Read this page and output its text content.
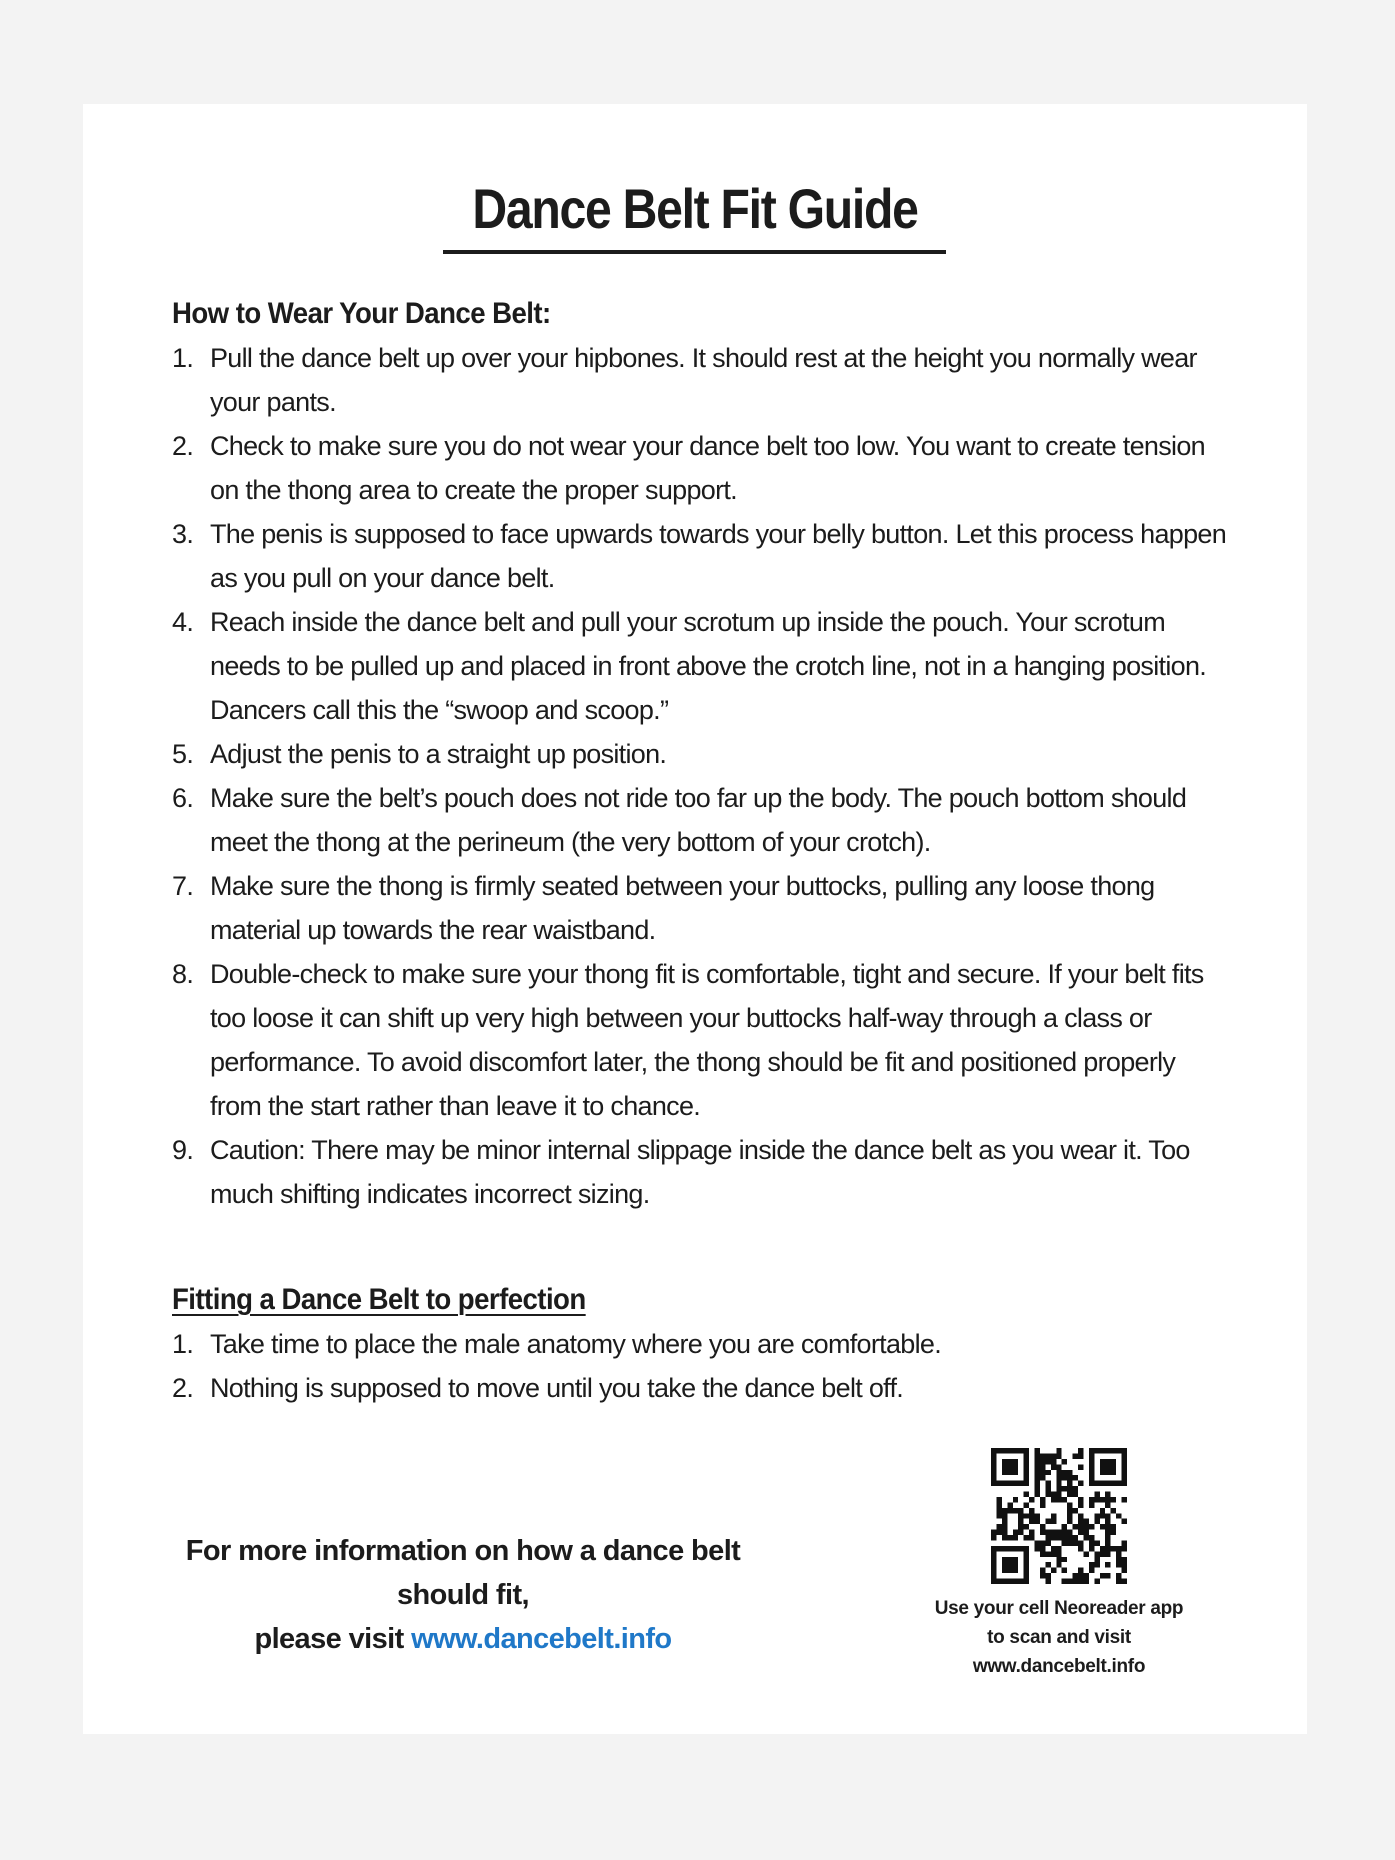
Dance Belt Fit Guide
How to Wear Your Dance Belt:
1. Pull the dance belt up over your hipbones. It should rest at the height you normally wear your pants.
2. Check to make sure you do not wear your dance belt too low. You want to create tension on the thong area to create the proper support.
3. The penis is supposed to face upwards towards your belly button. Let this process happen as you pull on your dance belt.
4. Reach inside the dance belt and pull your scrotum up inside the pouch. Your scrotum needs to be pulled up and placed in front above the crotch line, not in a hanging position. Dancers call this the “swoop and scoop.”
5. Adjust the penis to a straight up position.
6. Make sure the belt’s pouch does not ride too far up the body. The pouch bottom should meet the thong at the perineum (the very bottom of your crotch).
7. Make sure the thong is firmly seated between your buttocks, pulling any loose thong material up towards the rear waistband.
8. Double-check to make sure your thong fit is comfortable, tight and secure. If your belt fits too loose it can shift up very high between your buttocks half-way through a class or performance. To avoid discomfort later, the thong should be fit and positioned properly from the start rather than leave it to chance.
9. Caution: There may be minor internal slippage inside the dance belt as you wear it. Too much shifting indicates incorrect sizing.
Fitting a Dance Belt to perfection
1. Take time to place the male anatomy where you are comfortable.
2. Nothing is supposed to move until you take the dance belt off.
For more information on how a dance belt should fit,
please visit www.dancebelt.info
Use your cell Neoreader app
to scan and visit
www.dancebelt.info
